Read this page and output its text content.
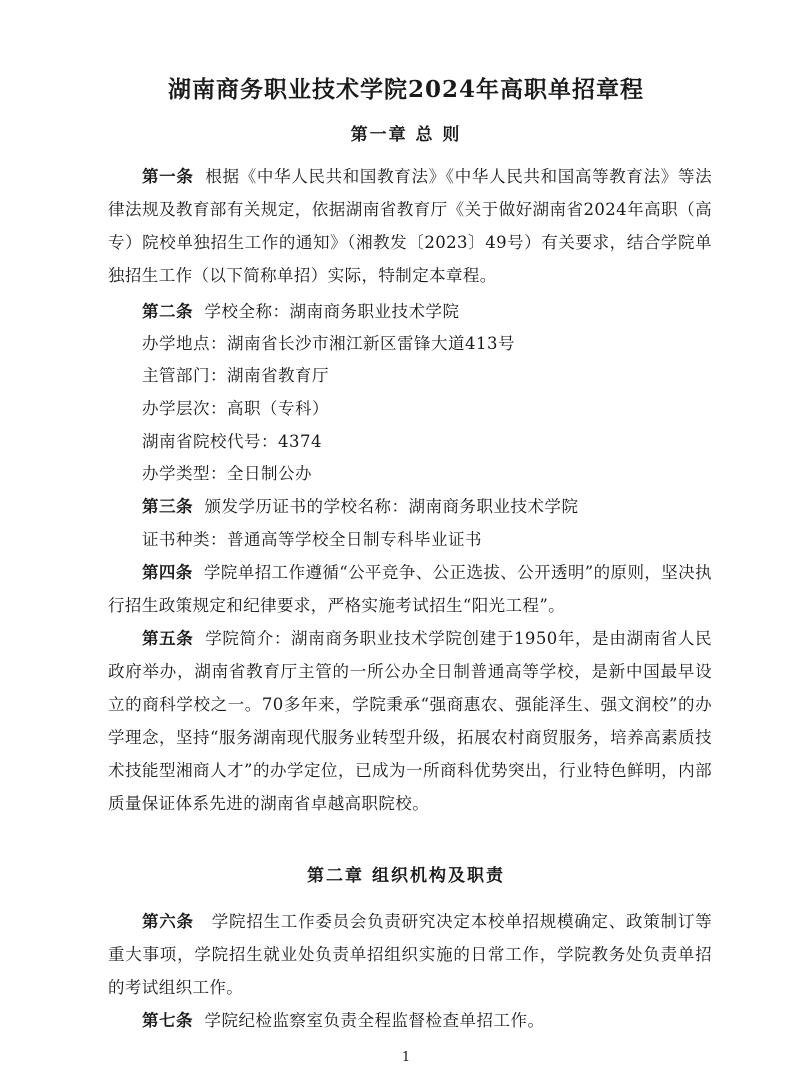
湖南商务职业技术学院2024年高职单招章程
第一章 总 则
第一条 根据《中华人民共和国教育法》《中华人民共和国高等教育法》等法律法规及教育部有关规定，依据湖南省教育厅《关于做好湖南省2024年高职（高专）院校单独招生工作的通知》（湘教发〔2023〕49号）有关要求，结合学院单独招生工作（以下简称单招）实际，特制定本章程。
第二条 学校全称：湖南商务职业技术学院
办学地点：湖南省长沙市湘江新区雷锋大道413号
主管部门：湖南省教育厅
办学层次：高职（专科）
湖南省院校代号：4374
办学类型：全日制公办
第三条 颁发学历证书的学校名称：湖南商务职业技术学院
证书种类：普通高等学校全日制专科毕业证书
第四条 学院单招工作遵循“公平竞争、公正选拔、公开透明”的原则，坚决执行招生政策规定和纪律要求，严格实施考试招生“阳光工程”。
第五条 学院简介：湖南商务职业技术学院创建于1950年，是由湖南省人民政府举办，湖南省教育厅主管的一所公办全日制普通高等学校，是新中国最早设立的商科学校之一。70多年来，学院秉承“强商惠农、强能泽生、强文润校”的办学理念，坚持“服务湖南现代服务业转型升级，拓展农村商贸服务，培养高素质技术技能型湘商人才”的办学定位，已成为一所商科优势突出，行业特色鲜明，内部质量保证体系先进的湖南省卓越高职院校。
第二章 组织机构及职责
第六条 学院招生工作委员会负责研究决定本校单招规模确定、政策制订等重大事项，学院招生就业处负责单招组织实施的日常工作，学院教务处负责单招的考试组织工作。
第七条 学院纪检监察室负责全程监督检查单招工作。
1
